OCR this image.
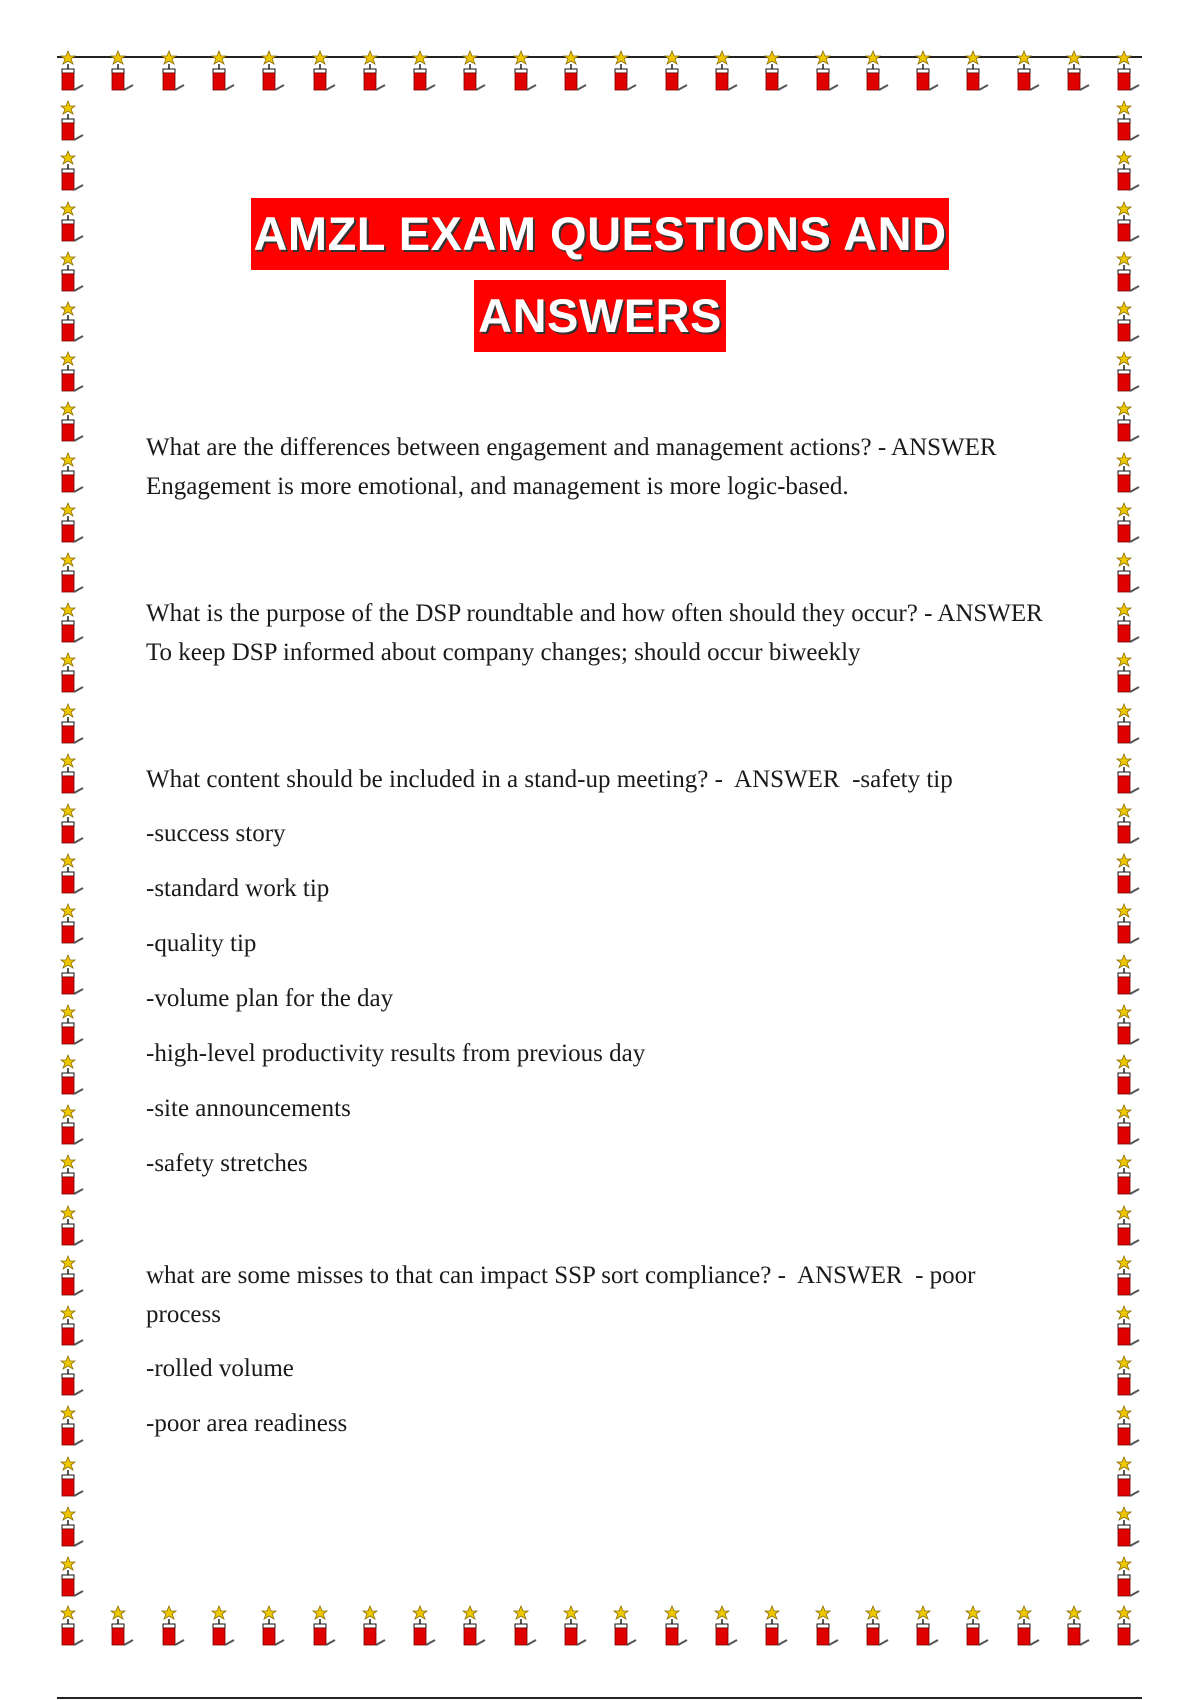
AMZL EXAM QUESTIONS AND
ANSWERS

What are the differences between engagement and management actions? - ANSWER  Engagement is more emotional, and management is more logic-based.

What is the purpose of the DSP roundtable and how often should they occur? - ANSWER  To keep DSP informed about company changes; should occur biweekly

What content should be included in a stand-up meeting? -  ANSWER  -safety tip

-success story

-standard work tip

-quality tip

-volume plan for the day

-high-level productivity results from previous day

-site announcements

-safety stretches

what are some misses to that can impact SSP sort compliance? -  ANSWER  - poor process

-rolled volume

-poor area readiness
